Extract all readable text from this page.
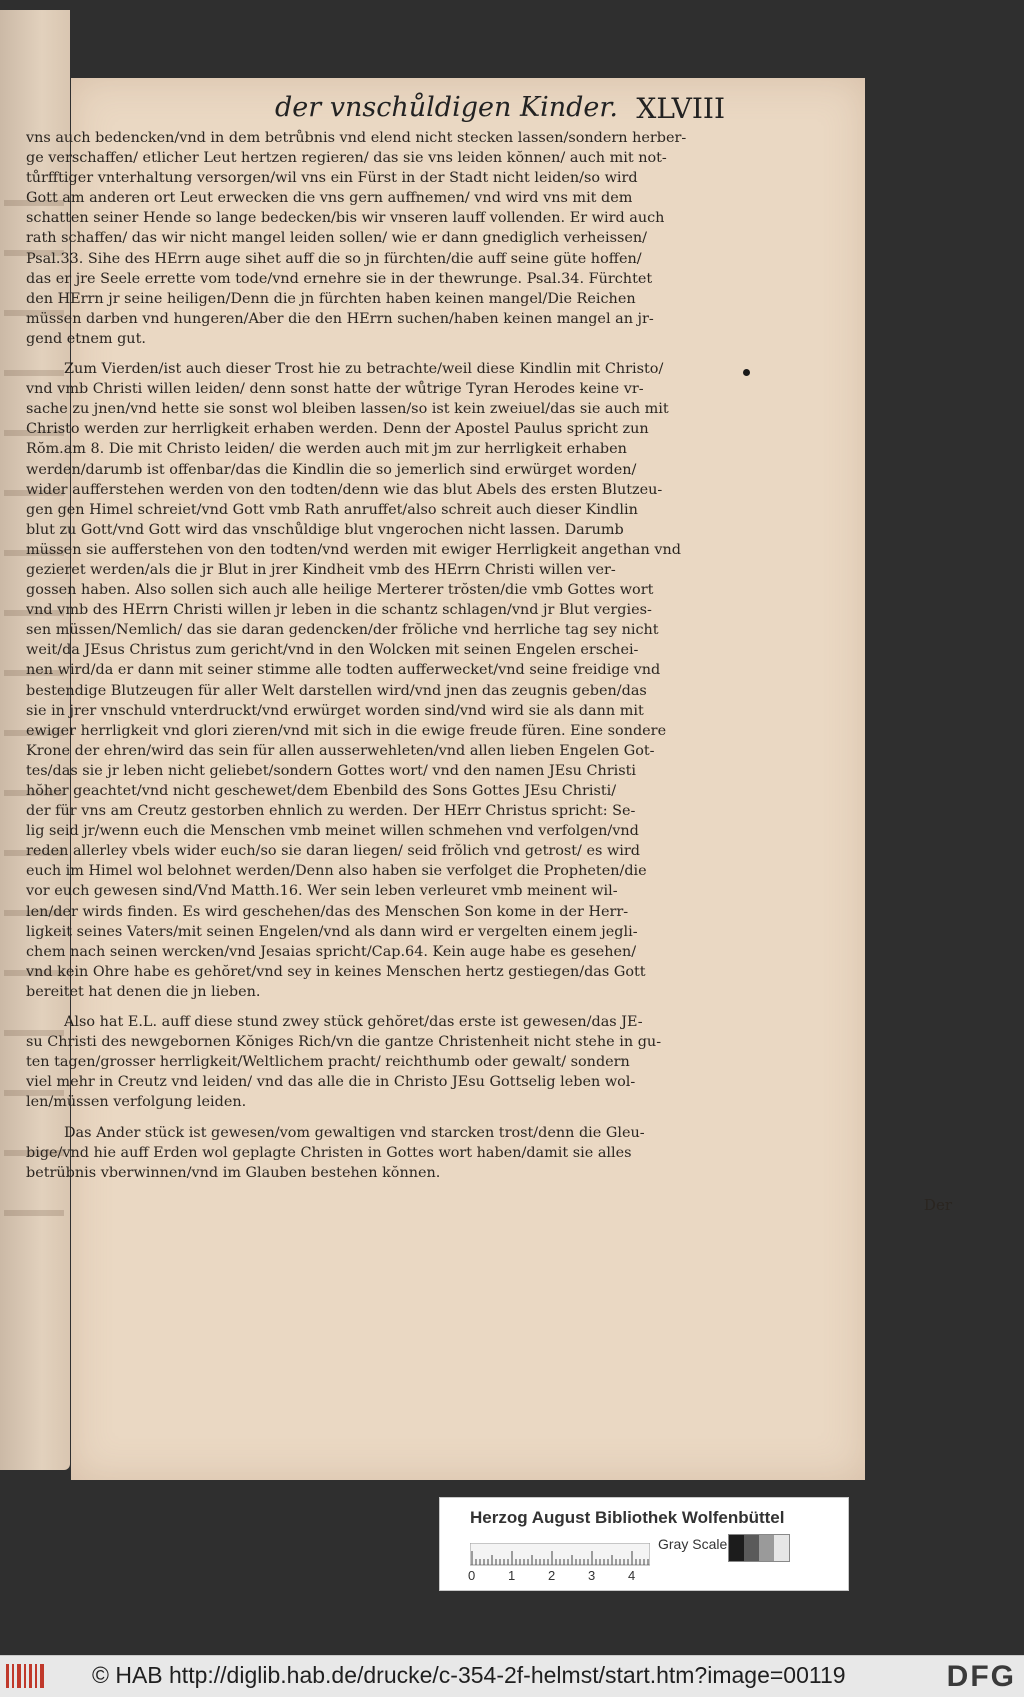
der vnschůldigen Kinder. XLVIII
vns auch bedencken/vnd in dem betrůbnis vnd elend nicht stecken lassen/sondern herber-
ge verschaffen/ etlicher Leut hertzen regieren/ das sie vns leiden kŏnnen/ auch mit not-
tůrfftiger vnterhaltung versorgen/wil vns ein Fürst in der Stadt nicht leiden/so wird
Gott am anderen ort Leut erwecken die vns gern auffnemen/ vnd wird vns mit dem
schatten seiner Hende so lange bedecken/bis wir vnseren lauff vollenden. Er wird auch
rath schaffen/ das wir nicht mangel leiden sollen/ wie er dann gnediglich verheissen/
Psal.33. Sihe des HErrn auge sihet auff die so jn fürchten/die auff seine güte hoffen/
das er jre Seele errette vom tode/vnd ernehre sie in der thewrunge. Psal.34. Fürchtet
den HErrn jr seine heiligen/Denn die jn fürchten haben keinen mangel/Die Reichen
müssen darben vnd hungeren/Aber die den HErrn suchen/haben keinen mangel an jr-
gend etnem gut.
Zum Vierden/ist auch dieser Trost hie zu betrachte/weil diese Kindlin mit Christo/
vnd vmb Christi willen leiden/ denn sonst hatte der wůtrige Tyran Herodes keine vr-
sache zu jnen/vnd hette sie sonst wol bleiben lassen/so ist kein zweiuel/das sie auch mit
Christo werden zur herrligkeit erhaben werden. Denn der Apostel Paulus spricht zun
Rŏm.am 8. Die mit Christo leiden/ die werden auch mit jm zur herrligkeit erhaben
werden/darumb ist offenbar/das die Kindlin die so jemerlich sind erwürget worden/
wider aufferstehen werden von den todten/denn wie das blut Abels des ersten Blutzeu-
gen gen Himel schreiet/vnd Gott vmb Rath anruffet/also schreit auch dieser Kindlin
blut zu Gott/vnd Gott wird das vnschůldige blut vngerochen nicht lassen. Darumb
müssen sie aufferstehen von den todten/vnd werden mit ewiger Herrligkeit angethan vnd
gezieret werden/als die jr Blut in jrer Kindheit vmb des HErrn Christi willen ver-
gossen haben. Also sollen sich auch alle heilige Merterer trŏsten/die vmb Gottes wort
vnd vmb des HErrn Christi willen jr leben in die schantz schlagen/vnd jr Blut vergies-
sen müssen/Nemlich/ das sie daran gedencken/der frŏliche vnd herrliche tag sey nicht
weit/da JEsus Christus zum gericht/vnd in den Wolcken mit seinen Engelen erschei-
nen wird/da er dann mit seiner stimme alle todten aufferwecket/vnd seine freidige vnd
bestendige Blutzeugen für aller Welt darstellen wird/vnd jnen das zeugnis geben/das
sie in jrer vnschuld vnterdruckt/vnd erwürget worden sind/vnd wird sie als dann mit
ewiger herrligkeit vnd glori zieren/vnd mit sich in die ewige freude füren. Eine sondere
Krone der ehren/wird das sein für allen ausserwehleten/vnd allen lieben Engelen Got-
tes/das sie jr leben nicht geliebet/sondern Gottes wort/ vnd den namen JEsu Christi
hŏher geachtet/vnd nicht geschewet/dem Ebenbild des Sons Gottes JEsu Christi/
der für vns am Creutz gestorben ehnlich zu werden. Der HErr Christus spricht: Se-
lig seid jr/wenn euch die Menschen vmb meinet willen schmehen vnd verfolgen/vnd
reden allerley vbels wider euch/so sie daran liegen/ seid frŏlich vnd getrost/ es wird
euch im Himel wol belohnet werden/Denn also haben sie verfolget die Propheten/die
vor euch gewesen sind/Vnd Matth.16. Wer sein leben verleuret vmb meinent wil-
len/der wirds finden. Es wird geschehen/das des Menschen Son kome in der Herr-
ligkeit seines Vaters/mit seinen Engelen/vnd als dann wird er vergelten einem jegli-
chem nach seinen wercken/vnd Jesaias spricht/Cap.64. Kein auge habe es gesehen/
vnd kein Ohre habe es gehŏret/vnd sey in keines Menschen hertz gestiegen/das Gott
bereitet hat denen die jn lieben.
Also hat E.L. auff diese stund zwey stück gehŏret/das erste ist gewesen/das JE-
su Christi des newgebornen Kŏniges Rich/vn die gantze Christenheit nicht stehe in gu-
ten tagen/grosser herrligkeit/Weltlichem pracht/ reichthumb oder gewalt/ sondern
viel mehr in Creutz vnd leiden/ vnd das alle die in Christo JEsu Gottselig leben wol-
len/müssen verfolgung leiden.
Das Ander stück ist gewesen/vom gewaltigen vnd starcken trost/denn die Gleu-
bige/vnd hie auff Erden wol geplagte Christen in Gottes wort haben/damit sie alles
betrübnis vberwinnen/vnd im Glauben bestehen kŏnnen.
Der
Herzog August Bibliothek Wolfenbüttel
0	1	2	3	4
Gray Scale
© HAB http://diglib.hab.de/drucke/c-354-2f-helmst/start.htm?image=00119	DFG
